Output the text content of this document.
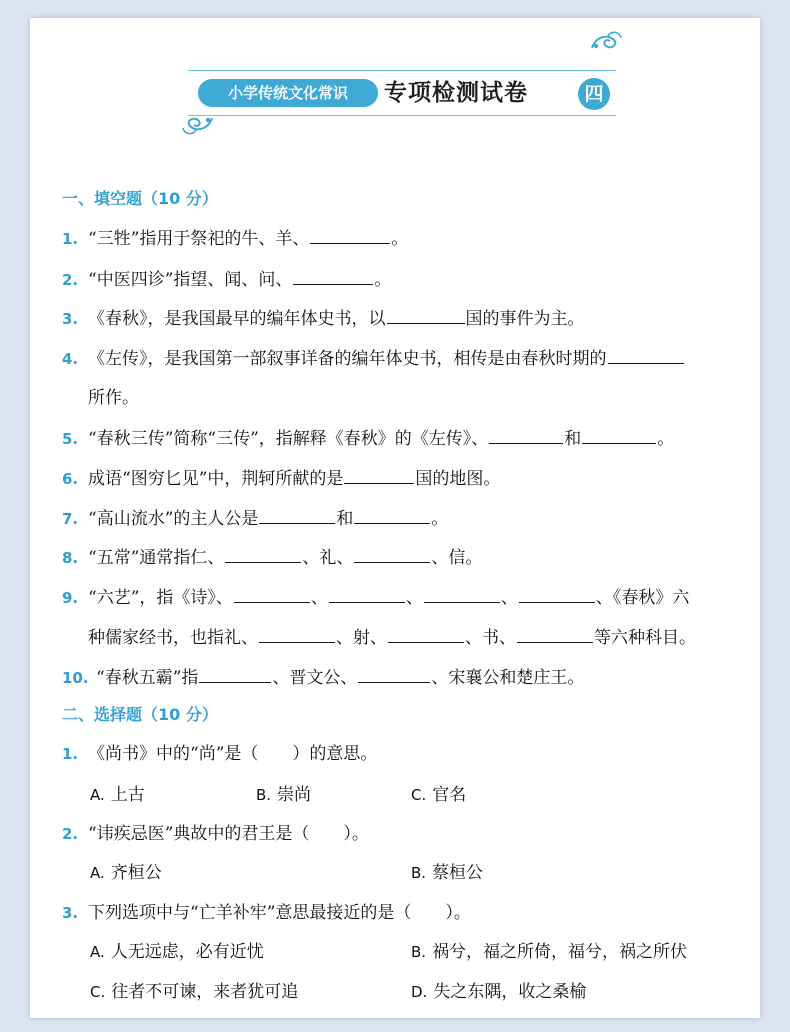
小学传统文化常识	专项检测试卷	四
一、填空题（10 分）
1. “三牲”指用于祭祀的牛、羊、	。
2. “中医四诊”指望、闻、问、	。
3. 《春秋》，是我国最早的编年体史书，以	国的事件为主。
4. 《左传》，是我国第一部叙事详备的编年体史书，相传是由春秋时期的
所作。
5. “春秋三传”简称“三传”，指解释《春秋》的《左传》、	和	。
6. 成语“图穷匕见”中，荆轲所献的是	国的地图。
7. “高山流水”的主人公是	和	。
8. “五常”通常指仁、	、礼、	、信。
9. “六艺”，指《诗》、	、	、	、	、《春秋》六
种儒家经书，也指礼、	、射、	、书、	等六种科目。
10. “春秋五霸”指	、晋文公、	、宋襄公和楚庄王。
二、选择题（10 分）
1. 《尚书》中的“尚”是（　　）的意思。
A. 上古	B. 崇尚	C. 官名
2. “讳疾忌医”典故中的君王是（　　）。
A. 齐桓公	B. 蔡桓公
3. 下列选项中与“亡羊补牢”意思最接近的是（　　）。
A. 人无远虑，必有近忧	B. 祸兮，福之所倚，福兮，祸之所伏
C. 往者不可谏，来者犹可追	D. 失之东隅，收之桑榆
